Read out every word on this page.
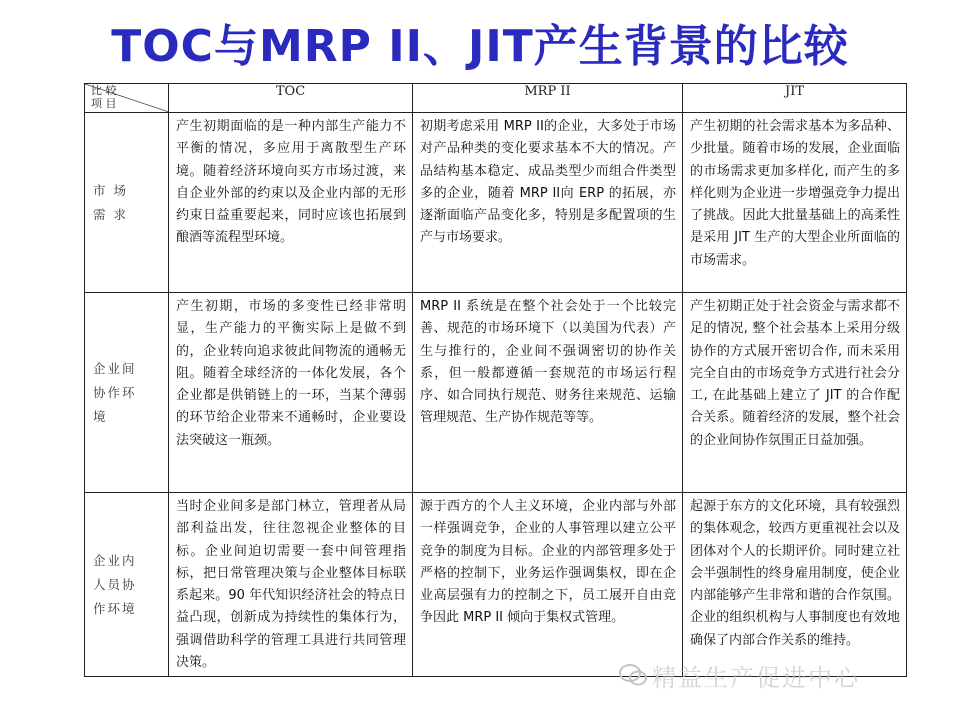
TOC与MRP II、JIT产生背景的比较
比 较
项 目	TOC	MRP II	JIT
市 场
需 求	产生初期面临的是一种内部生产能力不平衡的情况，多应用于离散型生产环境。随着经济环境向买方市场过渡，来自企业外部的约束以及企业内部的无形约束日益重要起来，同时应该也拓展到酿酒等流程型环境。	初期考虑采用 MRP II的企业，大多处于市场对产品种类的变化要求基本不大的情况。产品结构基本稳定、成品类型少而组合件类型多的企业，随着 MRP II向 ERP 的拓展，亦逐渐面临产品变化多，特别是多配置项的生产与市场要求。	产生初期的社会需求基本为多品种、少批量。随着市场的发展，企业面临的市场需求更加多样化, 而产生的多样化则为企业进一步增强竞争力提出了挑战。因此大批量基础上的高柔性是采用 JIT 生产的大型企业所面临的市场需求。
企业间
协作环
境	产生初期，市场的多变性已经非常明显，生产能力的平衡实际上是做不到的，企业转向追求彼此间物流的通畅无阻。随着全球经济的一体化发展，各个企业都是供销链上的一环，当某个薄弱的环节给企业带来不通畅时，企业要设法突破这一瓶颈。	MRP II 系统是在整个社会处于一个比较完善、规范的市场环境下（以美国为代表）产生与推行的，企业间不强调密切的协作关系，但一般都遵循一套规范的市场运行程序、如合同执行规范、财务往来规范、运输管理规范、生产协作规范等等。	产生初期正处于社会资金与需求都不足的情况, 整个社会基本上采用分级协作的方式展开密切合作, 而未采用完全自由的市场竞争方式进行社会分工, 在此基础上建立了 JIT 的合作配合关系。随着经济的发展，整个社会的企业间协作氛围正日益加强。
企业内
人员协
作环境	当时企业间多是部门林立，管理者从局部利益出发，往往忽视企业整体的目标。企业间迫切需要一套中间管理指标，把日常管理决策与企业整体目标联系起来。90 年代知识经济社会的特点日益凸现，创新成为持续性的集体行为，强调借助科学的管理工具进行共同管理决策。	源于西方的个人主义环境，企业内部与外部一样强调竞争，企业的人事管理以建立公平竞争的制度为目标。企业的内部管理多处于严格的控制下，业务运作强调集权，即在企业高层强有力的控制之下，员工展开自由竞争因此 MRP II 倾向于集权式管理。	起源于东方的文化环境，具有较强烈的集体观念，较西方更重视社会以及团体对个人的长期评价。同时建立社会半强制性的终身雇用制度，使企业内部能够产生非常和谐的合作氛围。企业的组织机构与人事制度也有效地确保了内部合作关系的维持。
精益生产促进中心
